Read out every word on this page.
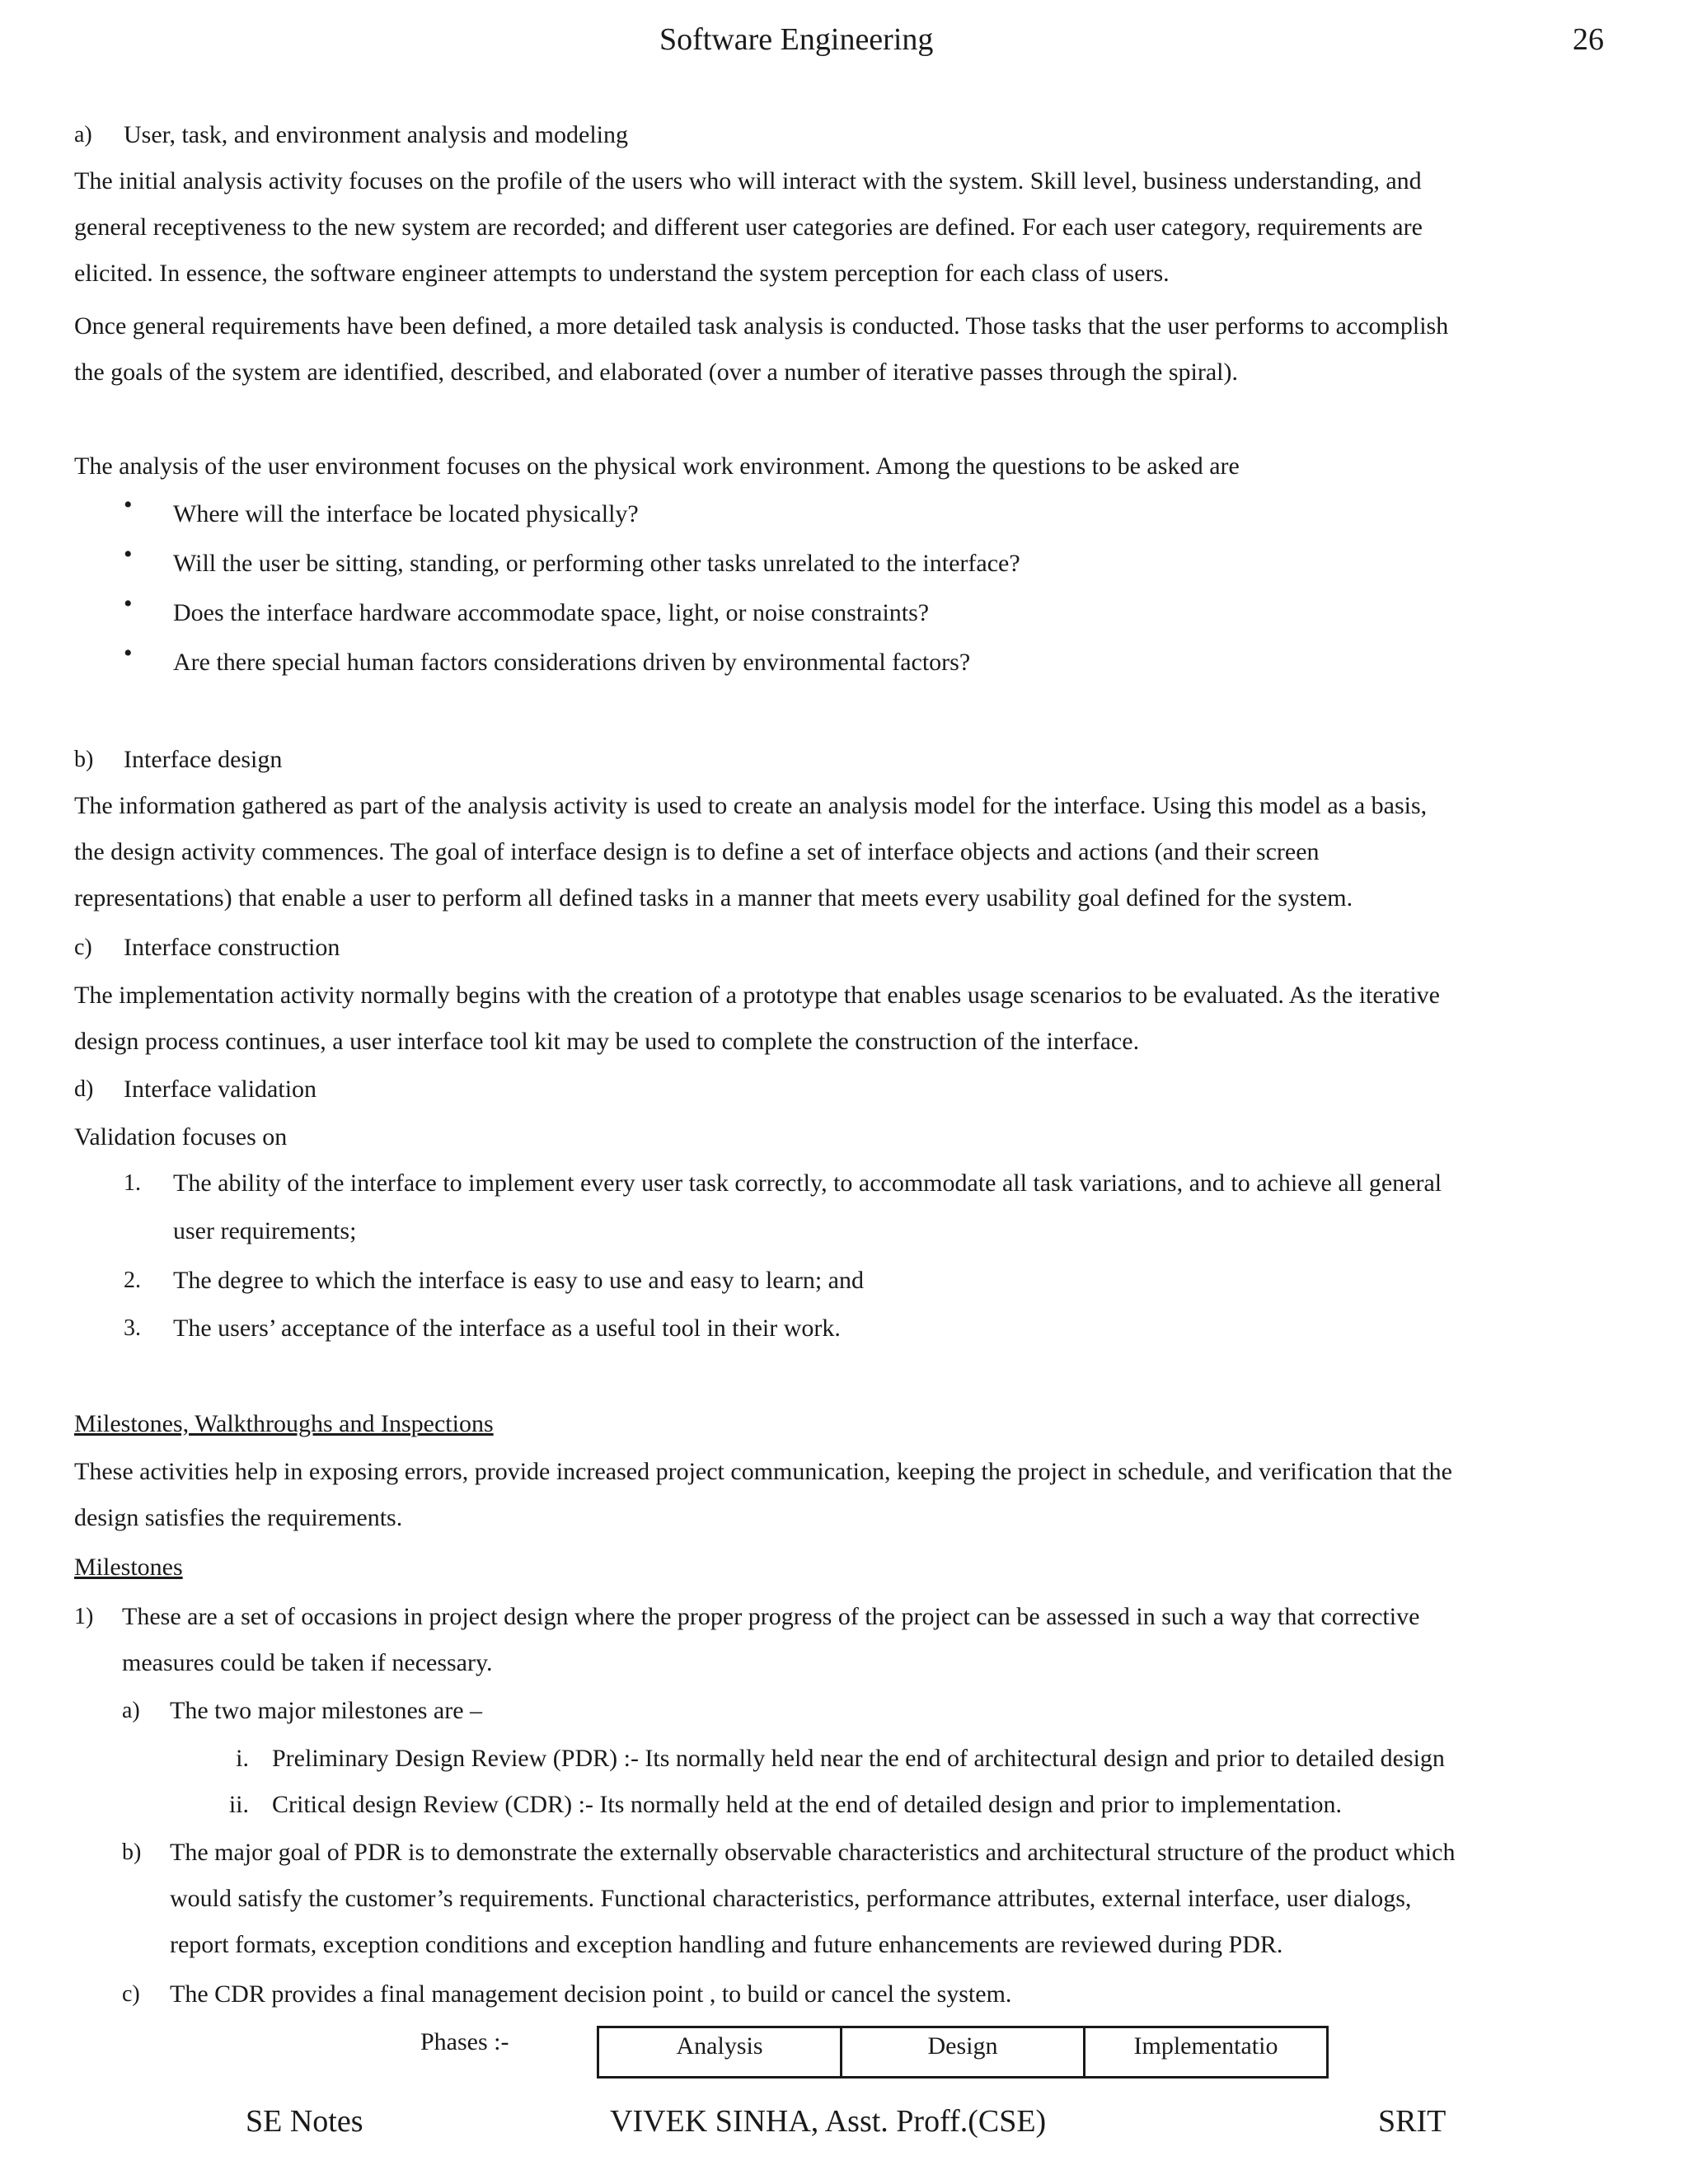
Software Engineering	26
a) User, task, and environment analysis and modeling
The initial analysis activity focuses on the profile of the users who will interact with the system. Skill level, business understanding, and
general receptiveness to the new system are recorded; and different user categories are defined. For each user category, requirements are
elicited. In essence, the software engineer attempts to understand the system perception for each class of users.
Once general requirements have been defined, a more detailed task analysis is conducted. Those tasks that the user performs to accomplish
the goals of the system are identified, described, and elaborated (over a number of iterative passes through the spiral).
The analysis of the user environment focuses on the physical work environment. Among the questions to be asked are
• Where will the interface be located physically?
• Will the user be sitting, standing, or performing other tasks unrelated to the interface?
• Does the interface hardware accommodate space, light, or noise constraints?
• Are there special human factors considerations driven by environmental factors?
b) Interface design
The information gathered as part of the analysis activity is used to create an analysis model for the interface. Using this model as a basis,
the design activity commences. The goal of interface design is to define a set of interface objects and actions (and their screen
representations) that enable a user to perform all defined tasks in a manner that meets every usability goal defined for the system.
c) Interface construction
The implementation activity normally begins with the creation of a prototype that enables usage scenarios to be evaluated. As the iterative
design process continues, a user interface tool kit may be used to complete the construction of the interface.
d) Interface validation
Validation focuses on
1. The ability of the interface to implement every user task correctly, to accommodate all task variations, and to achieve all general
user requirements;
2. The degree to which the interface is easy to use and easy to learn; and
3. The users’ acceptance of the interface as a useful tool in their work.
Milestones, Walkthroughs and Inspections
These activities help in exposing errors, provide increased project communication, keeping the project in schedule, and verification that the
design satisfies the requirements.
Milestones
1) These are a set of occasions in project design where the proper progress of the project can be assessed in such a way that corrective
measures could be taken if necessary.
a) The two major milestones are –
i. Preliminary Design Review (PDR) :- Its normally held near the end of architectural design and prior to detailed design
ii. Critical design Review (CDR) :- Its normally held at the end of detailed design and prior to implementation.
b) The major goal of PDR is to demonstrate the externally observable characteristics and architectural structure of the product which
would satisfy the customer’s requirements. Functional characteristics, performance attributes, external interface, user dialogs,
report formats, exception conditions and exception handling and future enhancements are reviewed during PDR.
c) The CDR provides a final management decision point , to build or cancel the system.
Phases :-	Analysis	Design	Implementatio
SE Notes	VIVEK SINHA, Asst. Proff.(CSE)	SRIT
